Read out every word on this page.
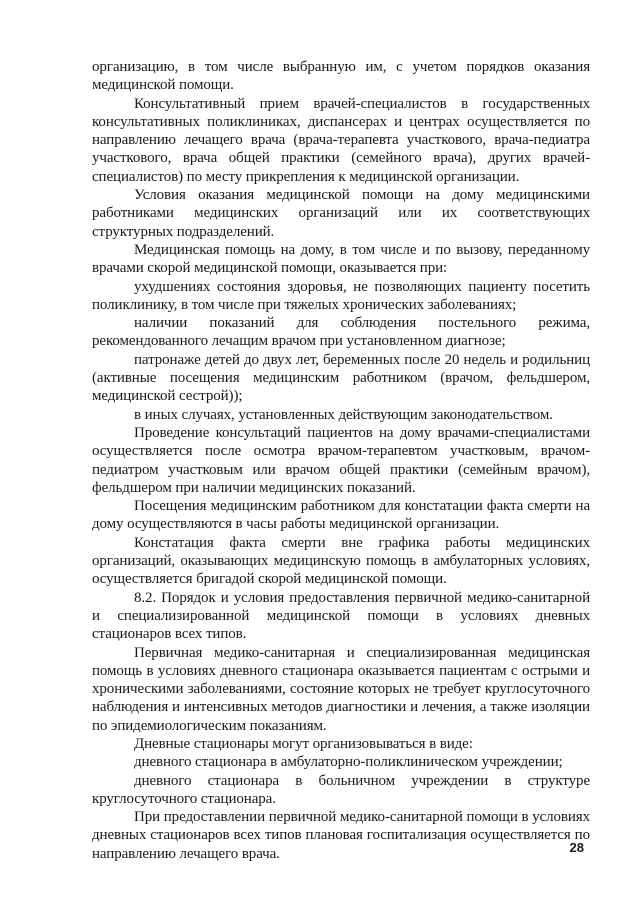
организацию, в том числе выбранную им, с учетом порядков оказания медицинской помощи.

Консультативный прием врачей-специалистов в государственных консультативных поликлиниках, диспансерах и центрах осуществляется по направлению лечащего врача (врача-терапевта участкового, врача-педиатра участкового, врача общей практики (семейного врача), других врачей-специалистов) по месту прикрепления к медицинской организации.

Условия оказания медицинской помощи на дому медицинскими работниками медицинских организаций или их соответствующих структурных подразделений.

Медицинская помощь на дому, в том числе и по вызову, переданному врачами скорой медицинской помощи, оказывается при:

ухудшениях состояния здоровья, не позволяющих пациенту посетить поликлинику, в том числе при тяжелых хронических заболеваниях;

наличии показаний для соблюдения постельного режима, рекомендованного лечащим врачом при установленном диагнозе;

патронаже детей до двух лет, беременных после 20 недель и родильниц (активные посещения медицинским работником (врачом, фельдшером, медицинской сестрой));

в иных случаях, установленных действующим законодательством.

Проведение консультаций пациентов на дому врачами-специалистами осуществляется после осмотра врачом-терапевтом участковым, врачом-педиатром участковым или врачом общей практики (семейным врачом), фельдшером при наличии медицинских показаний.

Посещения медицинским работником для констатации факта смерти на дому осуществляются в часы работы медицинской организации.

Констатация факта смерти вне графика работы медицинских организаций, оказывающих медицинскую помощь в амбулаторных условиях, осуществляется бригадой скорой медицинской помощи.

8.2. Порядок и условия предоставления первичной медико-санитарной и специализированной медицинской помощи в условиях дневных стационаров всех типов.

Первичная медико-санитарная и специализированная медицинская помощь в условиях дневного стационара оказывается пациентам с острыми и хроническими заболеваниями, состояние которых не требует круглосуточного наблюдения и интенсивных методов диагностики и лечения, а также изоляции по эпидемиологическим показаниям.

Дневные стационары могут организовываться в виде:

дневного стационара в амбулаторно-поликлиническом учреждении;

дневного стационара в больничном учреждении в структуре круглосуточного стационара.

При предоставлении первичной медико-санитарной помощи в условиях дневных стационаров всех типов плановая госпитализация осуществляется по направлению лечащего врача.	28
